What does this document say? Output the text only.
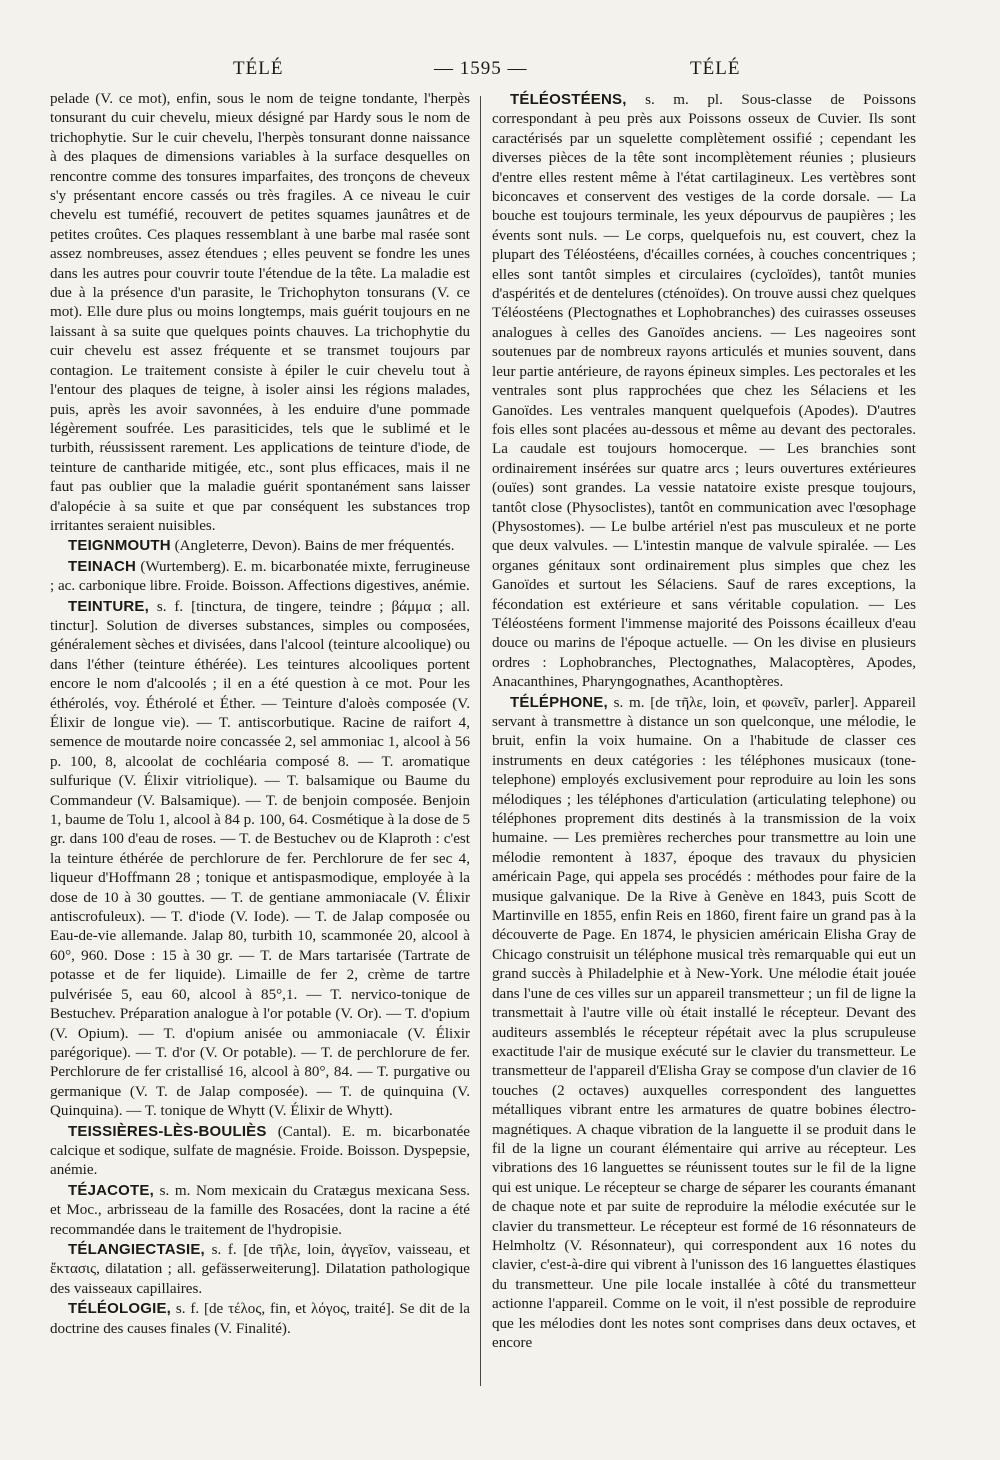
TÉLÉ	— 1595 —	TÉLÉ

pelade (V. ce mot), enfin, sous le nom de teigne tondante, l'herpès tonsurant du cuir chevelu, mieux désigné par Hardy sous le nom de trichophytie. Sur le cuir chevelu, l'herpès tonsurant donne naissance à des plaques de dimensions variables à la surface desquelles on rencontre comme des tonsures imparfaites, des tronçons de cheveux s'y présentant encore cassés ou très fragiles. A ce niveau le cuir chevelu est tuméfié, recouvert de petites squames jaunâtres et de petites croûtes. Ces plaques ressemblant à une barbe mal rasée sont assez nombreuses, assez étendues ; elles peuvent se fondre les unes dans les autres pour couvrir toute l'étendue de la tête. La maladie est due à la présence d'un parasite, le Trichophyton tonsurans (V. ce mot). Elle dure plus ou moins longtemps, mais guérit toujours en ne laissant à sa suite que quelques points chauves. La trichophytie du cuir chevelu est assez fréquente et se transmet toujours par contagion. Le traitement consiste à épiler le cuir chevelu tout à l'entour des plaques de teigne, à isoler ainsi les régions malades, puis, après les avoir savonnées, à les enduire d'une pommade légèrement soufrée. Les parasiticides, tels que le sublimé et le turbith, réussissent rarement. Les applications de teinture d'iode, de teinture de cantharide mitigée, etc., sont plus efficaces, mais il ne faut pas oublier que la maladie guérit spontanément sans laisser d'alopécie à sa suite et que par conséquent les substances trop irritantes seraient nuisibles.

TEIGNMOUTH (Angleterre, Devon). Bains de mer fréquentés.

TEINACH (Wurtemberg). E. m. bicarbonatée mixte, ferrugineuse ; ac. carbonique libre. Froide. Boisson. Affections digestives, anémie.

TEINTURE, s. f. [tinctura, de tingere, teindre ; βάμμα ; all. tinctur]. Solution de diverses substances, simples ou composées, généralement sèches et divisées, dans l'alcool (teinture alcoolique) ou dans l'éther (teinture éthérée). Les teintures alcooliques portent encore le nom d'alcoolés ; il en a été question à ce mot. Pour les éthérolés, voy. Éthérolé et Éther. — Teinture d'aloès composée (V. Élixir de longue vie). — T. antiscorbutique. Racine de raifort 4, semence de moutarde noire concassée 2, sel ammoniac 1, alcool à 56 p. 100, 8, alcoolat de cochléaria composé 8. — T. aromatique sulfurique (V. Élixir vitriolique). — T. balsamique ou Baume du Commandeur (V. Balsamique). — T. de benjoin composée. Benjoin 1, baume de Tolu 1, alcool à 84 p. 100, 64. Cosmétique à la dose de 5 gr. dans 100 d'eau de roses. — T. de Bestuchev ou de Klaproth : c'est la teinture éthérée de perchlorure de fer. Perchlorure de fer sec 4, liqueur d'Hoffmann 28 ; tonique et antispasmodique, employée à la dose de 10 à 30 gouttes. — T. de gentiane ammoniacale (V. Élixir antiscrofuleux). — T. d'iode (V. Iode). — T. de Jalap composée ou Eau-de-vie allemande. Jalap 80, turbith 10, scammonée 20, alcool à 60°, 960. Dose : 15 à 30 gr. — T. de Mars tartarisée (Tartrate de potasse et de fer liquide). Limaille de fer 2, crème de tartre pulvérisée 5, eau 60, alcool à 85°,1. — T. nervico-tonique de Bestuchev. Préparation analogue à l'or potable (V. Or). — T. d'opium (V. Opium). — T. d'opium anisée ou ammoniacale (V. Élixir parégorique). — T. d'or (V. Or potable). — T. de perchlorure de fer. Perchlorure de fer cristallisé 16, alcool à 80°, 84. — T. purgative ou germanique (V. T. de Jalap composée). — T. de quinquina (V. Quinquina). — T. tonique de Whytt (V. Élixir de Whytt).

TEISSIÈRES-LÈS-BOULIÈS (Cantal). E. m. bicarbonatée calcique et sodique, sulfate de magnésie. Froide. Boisson. Dyspepsie, anémie.

TÉJACOTE, s. m. Nom mexicain du Cratægus mexicana Sess. et Moc., arbrisseau de la famille des Rosacées, dont la racine a été recommandée dans le traitement de l'hydropisie.

TÉLANGIECTASIE, s. f. [de τῆλε, loin, ἀγγεῖον, vaisseau, et ἔκτασις, dilatation ; all. gefässerweiterung]. Dilatation pathologique des vaisseaux capillaires.

TÉLÉOLOGIE, s. f. [de τέλος, fin, et λόγος, traité]. Se dit de la doctrine des causes finales (V. Finalité).

TÉLÉOSTÉENS, s. m. pl. Sous-classe de Poissons correspondant à peu près aux Poissons osseux de Cuvier. Ils sont caractérisés par un squelette complètement ossifié ; cependant les diverses pièces de la tête sont incomplètement réunies ; plusieurs d'entre elles restent même à l'état cartilagineux. Les vertèbres sont biconcaves et conservent des vestiges de la corde dorsale. — La bouche est toujours terminale, les yeux dépourvus de paupières ; les évents sont nuls. — Le corps, quelquefois nu, est couvert, chez la plupart des Téléostéens, d'écailles cornées, à couches concentriques ; elles sont tantôt simples et circulaires (cycloïdes), tantôt munies d'aspérités et de dentelures (cténoïdes). On trouve aussi chez quelques Téléostéens (Plectognathes et Lophobranches) des cuirasses osseuses analogues à celles des Ganoïdes anciens. — Les nageoires sont soutenues par de nombreux rayons articulés et munies souvent, dans leur partie antérieure, de rayons épineux simples. Les pectorales et les ventrales sont plus rapprochées que chez les Sélaciens et les Ganoïdes. Les ventrales manquent quelquefois (Apodes). D'autres fois elles sont placées au-dessous et même au devant des pectorales. La caudale est toujours homocerque. — Les branchies sont ordinairement insérées sur quatre arcs ; leurs ouvertures extérieures (ouïes) sont grandes. La vessie natatoire existe presque toujours, tantôt close (Physoclistes), tantôt en communication avec l'œsophage (Physostomes). — Le bulbe artériel n'est pas musculeux et ne porte que deux valvules. — L'intestin manque de valvule spiralée. — Les organes génitaux sont ordinairement plus simples que chez les Ganoïdes et surtout les Sélaciens. Sauf de rares exceptions, la fécondation est extérieure et sans véritable copulation. — Les Téléostéens forment l'immense majorité des Poissons écailleux d'eau douce ou marins de l'époque actuelle. — On les divise en plusieurs ordres : Lophobranches, Plectognathes, Malacoptères, Apodes, Anacanthines, Pharyngognathes, Acanthoptères.

TÉLÉPHONE, s. m. [de τῆλε, loin, et φωνεῖν, parler]. Appareil servant à transmettre à distance un son quelconque, une mélodie, le bruit, enfin la voix humaine. On a l'habitude de classer ces instruments en deux catégories : les téléphones musicaux (tone-telephone) employés exclusivement pour reproduire au loin les sons mélodiques ; les téléphones d'articulation (articulating telephone) ou téléphones proprement dits destinés à la transmission de la voix humaine. — Les premières recherches pour transmettre au loin une mélodie remontent à 1837, époque des travaux du physicien américain Page, qui appela ses procédés : méthodes pour faire de la musique galvanique. De la Rive à Genève en 1843, puis Scott de Martinville en 1855, enfin Reis en 1860, firent faire un grand pas à la découverte de Page. En 1874, le physicien américain Elisha Gray de Chicago construisit un téléphone musical très remarquable qui eut un grand succès à Philadelphie et à New-York. Une mélodie était jouée dans l'une de ces villes sur un appareil transmetteur ; un fil de ligne la transmettait à l'autre ville où était installé le récepteur. Devant des auditeurs assemblés le récepteur répétait avec la plus scrupuleuse exactitude l'air de musique exécuté sur le clavier du transmetteur. Le transmetteur de l'appareil d'Elisha Gray se compose d'un clavier de 16 touches (2 octaves) auxquelles correspondent des languettes métalliques vibrant entre les armatures de quatre bobines électro-magnétiques. A chaque vibration de la languette il se produit dans le fil de la ligne un courant élémentaire qui arrive au récepteur. Les vibrations des 16 languettes se réunissent toutes sur le fil de la ligne qui est unique. Le récepteur se charge de séparer les courants émanant de chaque note et par suite de reproduire la mélodie exécutée sur le clavier du transmetteur. Le récepteur est formé de 16 résonnateurs de Helmholtz (V. Résonnateur), qui correspondent aux 16 notes du clavier, c'est-à-dire qui vibrent à l'unisson des 16 languettes élastiques du transmetteur. Une pile locale installée à côté du transmetteur actionne l'appareil. Comme on le voit, il n'est possible de reproduire que les mélodies dont les notes sont comprises dans deux octaves, et encore
